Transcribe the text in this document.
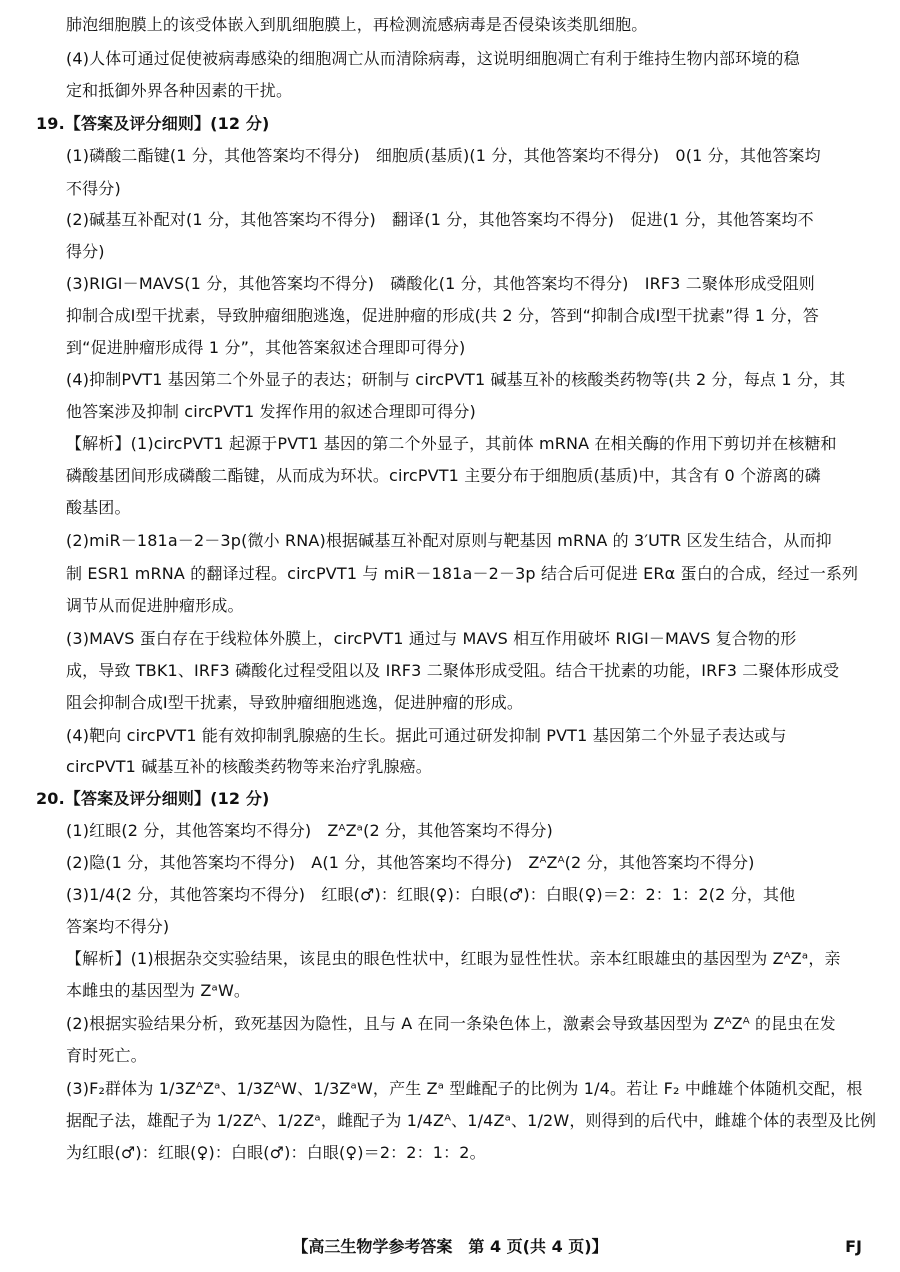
肺泡细胞膜上的该受体嵌入到肌细胞膜上，再检测流感病毒是否侵染该类肌细胞。
(4)人体可通过促使被病毒感染的细胞凋亡从而清除病毒，这说明细胞凋亡有利于维持生物内部环境的稳
定和抵御外界各种因素的干扰。
19.【答案及评分细则】(12 分)
(1)磷酸二酯键(1 分，其他答案均不得分)　细胞质(基质)(1 分，其他答案均不得分)　0(1 分，其他答案均
不得分)
(2)碱基互补配对(1 分，其他答案均不得分)　翻译(1 分，其他答案均不得分)　促进(1 分，其他答案均不
得分)
(3)RIGI－MAVS(1 分，其他答案均不得分)　磷酸化(1 分，其他答案均不得分)　IRF3 二聚体形成受阻则
抑制合成Ⅰ型干扰素，导致肿瘤细胞逃逸，促进肿瘤的形成(共 2 分，答到“抑制合成Ⅰ型干扰素”得 1 分，答
到“促进肿瘤形成得 1 分”，其他答案叙述合理即可得分)
(4)抑制PVT1 基因第二个外显子的表达；研制与 circPVT1 碱基互补的核酸类药物等(共 2 分，每点 1 分，其
他答案涉及抑制 circPVT1 发挥作用的叙述合理即可得分)
【解析】(1)circPVT1 起源于PVT1 基因的第二个外显子，其前体 mRNA 在相关酶的作用下剪切并在核糖和
磷酸基团间形成磷酸二酯键，从而成为环状。circPVT1 主要分布于细胞质(基质)中，其含有 0 个游离的磷
酸基团。
(2)miR－181a－2－3p(微小 RNA)根据碱基互补配对原则与靶基因 mRNA 的 3′UTR 区发生结合，从而抑
制 ESR1 mRNA 的翻译过程。circPVT1 与 miR－181a－2－3p 结合后可促进 ERα 蛋白的合成，经过一系列
调节从而促进肿瘤形成。
(3)MAVS 蛋白存在于线粒体外膜上，circPVT1 通过与 MAVS 相互作用破坏 RIGI－MAVS 复合物的形
成，导致 TBK1、IRF3 磷酸化过程受阻以及 IRF3 二聚体形成受阻。结合干扰素的功能，IRF3 二聚体形成受
阻会抑制合成Ⅰ型干扰素，导致肿瘤细胞逃逸，促进肿瘤的形成。
(4)靶向 circPVT1 能有效抑制乳腺癌的生长。据此可通过研发抑制 PVT1 基因第二个外显子表达或与
circPVT1 碱基互补的核酸类药物等来治疗乳腺癌。
20.【答案及评分细则】(12 分)
(1)红眼(2 分，其他答案均不得分)　ZᴬZᵃ(2 分，其他答案均不得分)
(2)隐(1 分，其他答案均不得分)　A(1 分，其他答案均不得分)　ZᴬZᴬ(2 分，其他答案均不得分)
(3)1/4(2 分，其他答案均不得分)　红眼(♂)：红眼(♀)：白眼(♂)：白眼(♀)＝2：2：1：2(2 分，其他
答案均不得分)
【解析】(1)根据杂交实验结果，该昆虫的眼色性状中，红眼为显性性状。亲本红眼雄虫的基因型为 ZᴬZᵃ，亲
本雌虫的基因型为 ZᵃW。
(2)根据实验结果分析，致死基因为隐性，且与 A 在同一条染色体上，激素会导致基因型为 ZᴬZᴬ 的昆虫在发
育时死亡。
(3)F₂群体为 1/3ZᴬZᵃ、1/3ZᴬW、1/3ZᵃW，产生 Zᵃ 型雌配子的比例为 1/4。若让 F₂ 中雌雄个体随机交配，根
据配子法，雄配子为 1/2Zᴬ、1/2Zᵃ，雌配子为 1/4Zᴬ、1/4Zᵃ、1/2W，则得到的后代中，雌雄个体的表型及比例
为红眼(♂)：红眼(♀)：白眼(♂)：白眼(♀)＝2：2：1：2。
【高三生物学参考答案　第 4 页(共 4 页)】	FJ
